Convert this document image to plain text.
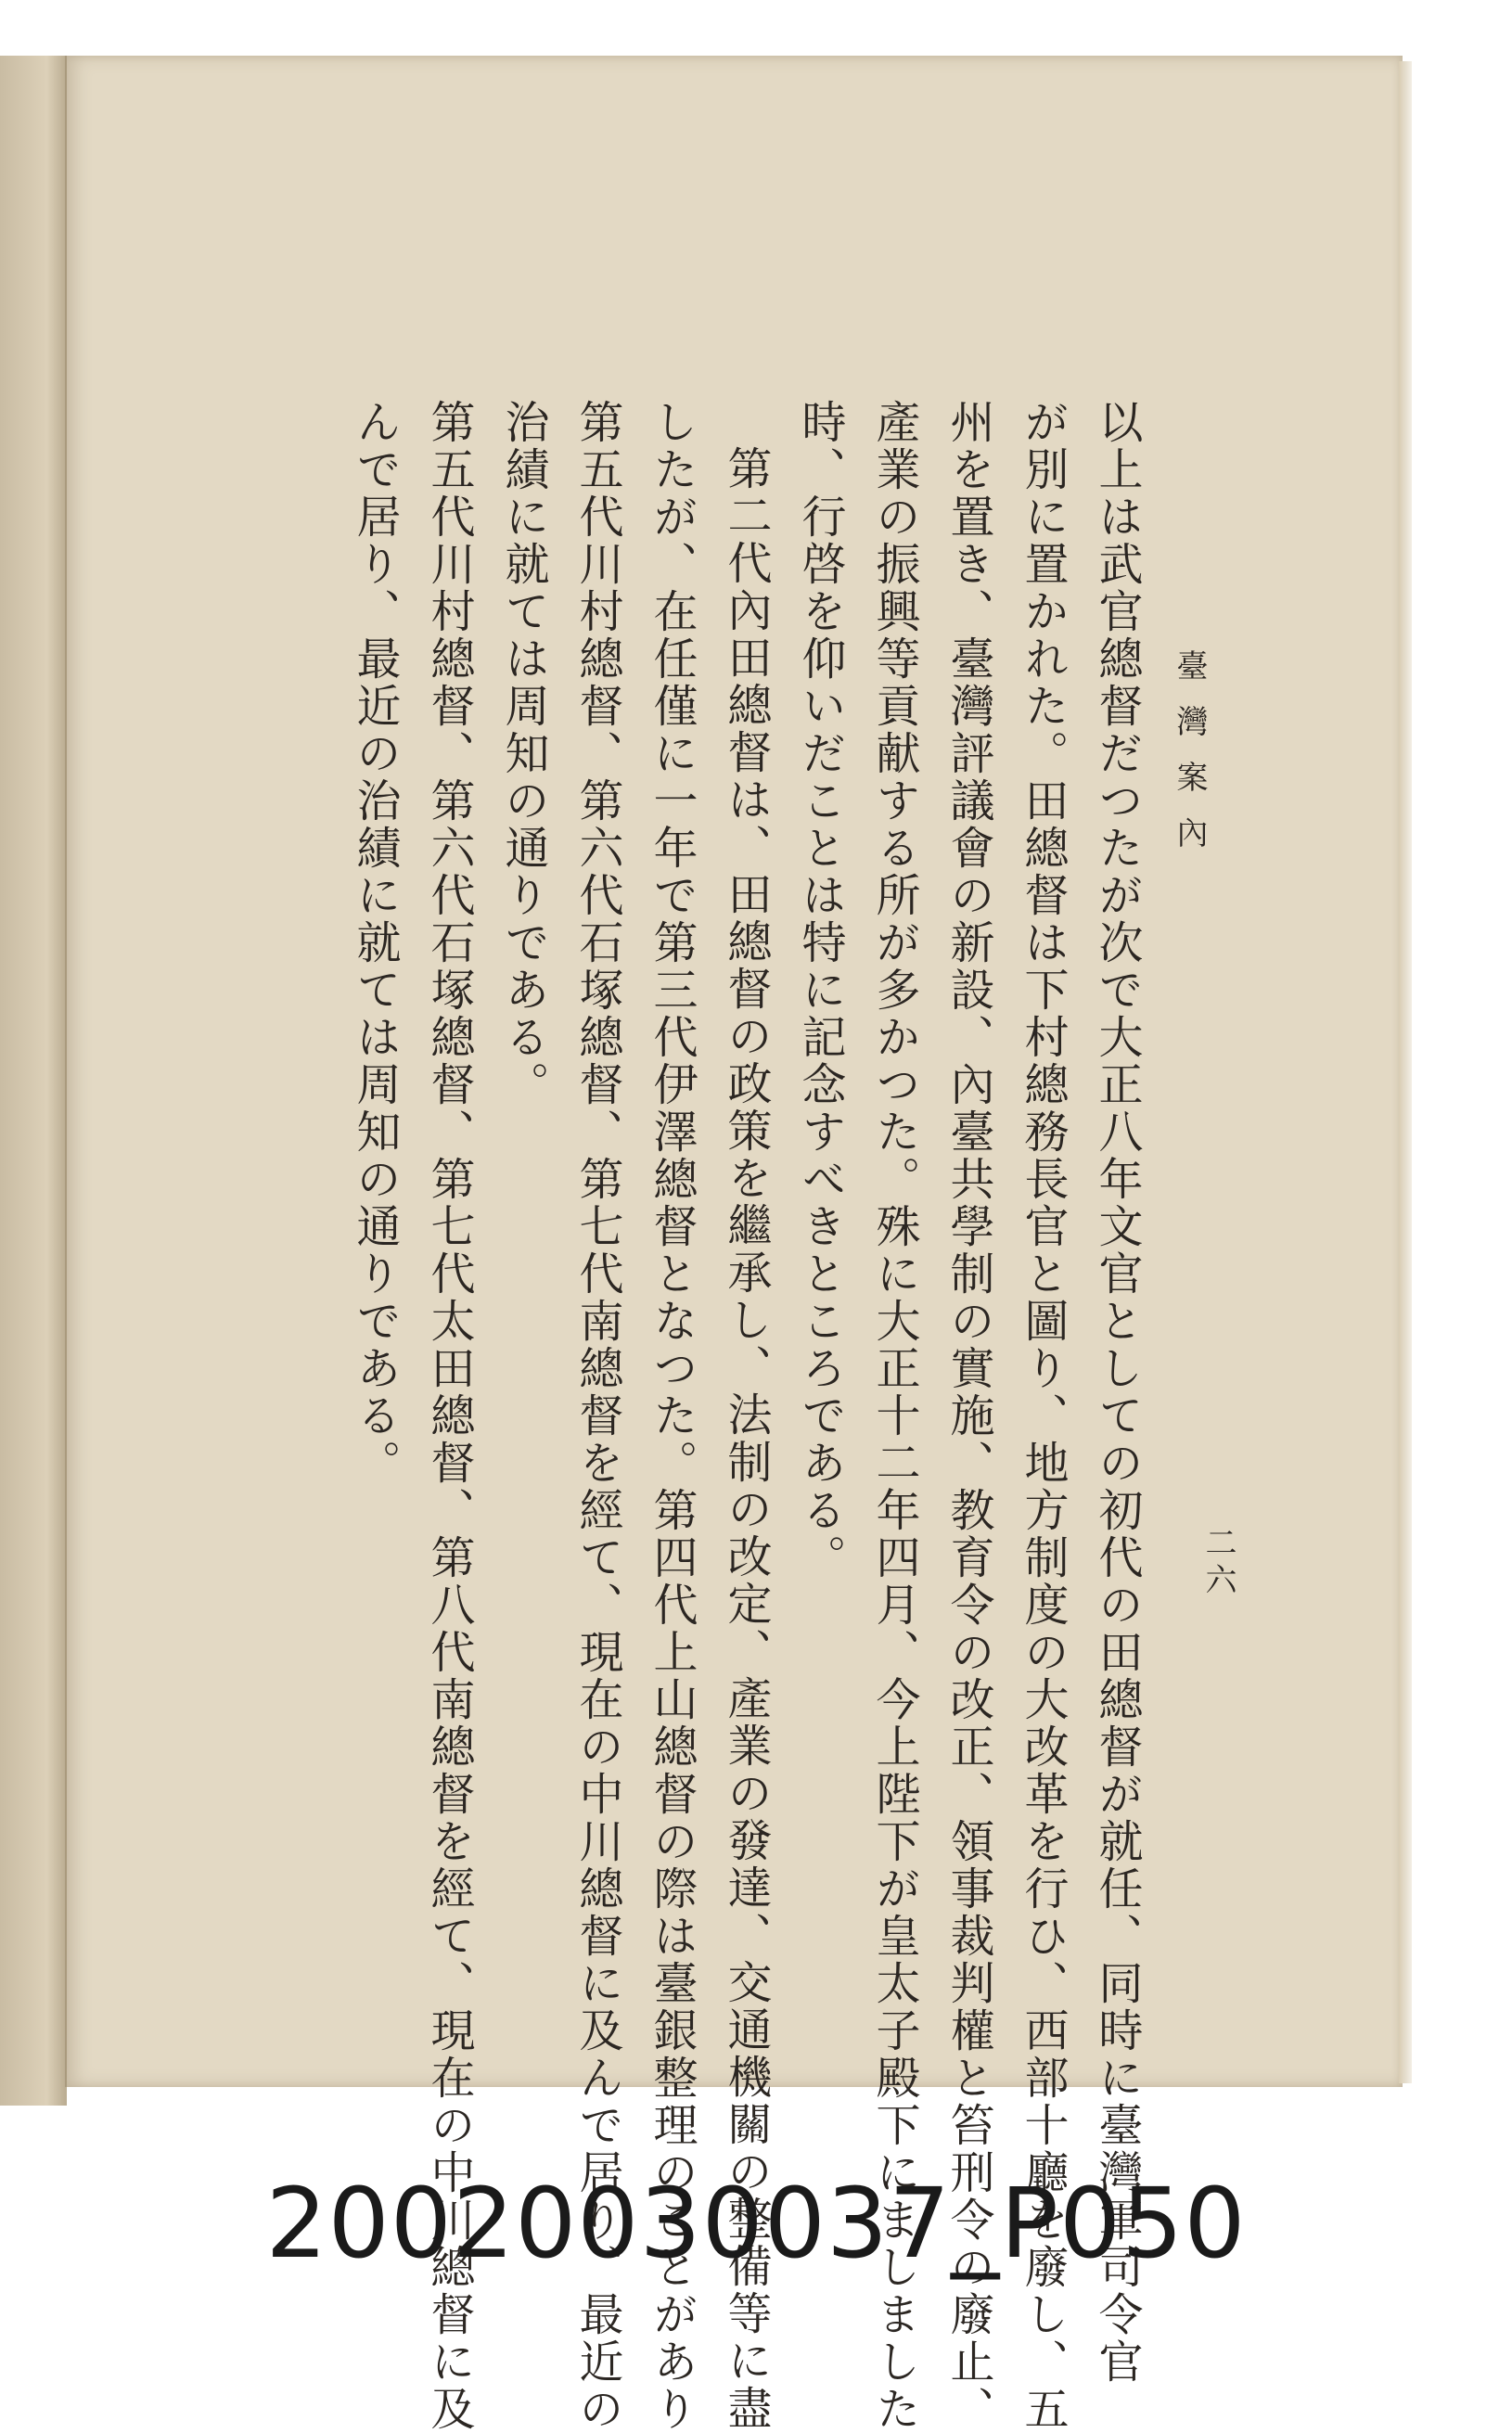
臺灣案內
二六
以上は武官總督だつたが次で大正八年文官としての初代の田總督が就任、同時に臺灣軍司令官
が別に置かれた。田總督は下村總務長官と圖り、地方制度の大改革を行ひ、西部十廳を廢し、五
州を置き、臺灣評議會の新設、內臺共學制の實施、教育令の改正、領事裁判權と笞刑令の廢止、
產業の振興等貢献する所が多かつた。殊に大正十二年四月、今上陛下が皇太子殿下にましました
時、行啓を仰いだことは特に記念すべきところである。
第二代內田總督は、田總督の政策を繼承し、法制の改定、產業の發達、交通機關の整備等に盡
したが、在任僅に一年で第三代伊澤總督となつた。第四代上山總督の際は臺銀整理のことがあり
第五代川村總督、第六代石塚總督、第七代南總督を經て、現在の中川總督に及んで居り、最近の
治績に就ては周知の通りである。
第五代川村總督、第六代石塚總督、第七代太田總督、第八代南總督を經て、現在の中川總督に及
んで居り、最近の治績に就ては周知の通りである。
20020030037_P050
